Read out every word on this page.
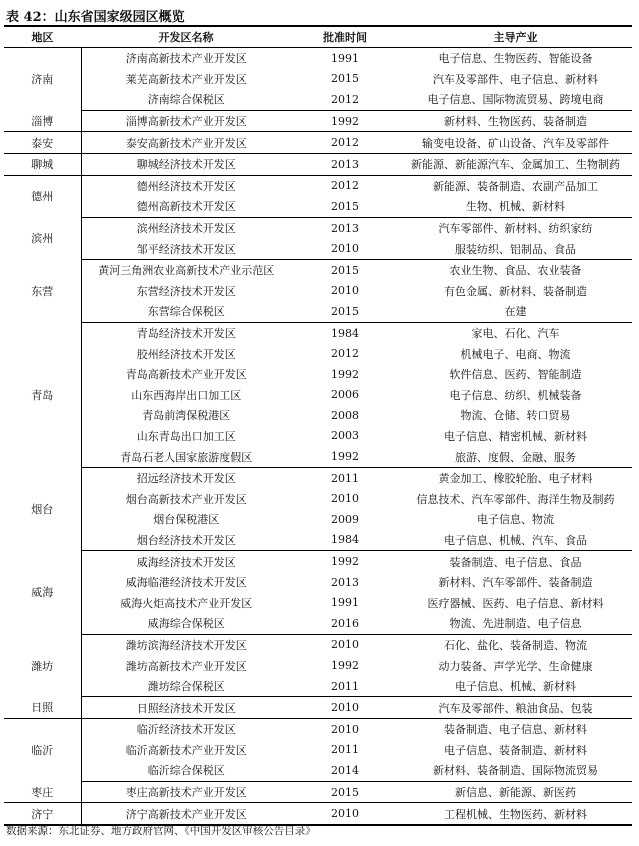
表 42：山东省国家级园区概览
地区	开发区名称	批准时间	主导产业
济南	济南高新技术产业开发区	1991	电子信息、生物医药、智能设备
	莱芜高新技术产业开发区	2015	汽车及零部件、电子信息、新材料
	济南综合保税区	2012	电子信息、国际物流贸易、跨境电商
淄博	淄博高新技术产业开发区	1992	新材料、生物医药、装备制造
泰安	泰安高新技术产业开发区	2012	输变电设备、矿山设备、汽车及零部件
聊城	聊城经济技术开发区	2013	新能源、新能源汽车、金属加工、生物制药
德州	德州经济技术开发区	2012	新能源、装备制造、农副产品加工
	德州高新技术开发区	2015	生物、机械、新材料
滨州	滨州经济技术开发区	2013	汽车零部件、新材料、纺织家纺
	邹平经济技术开发区	2010	服装纺织、铝制品、食品
东营	黄河三角洲农业高新技术产业示范区	2015	农业生物、食品、农业装备
	东营经济技术开发区	2010	有色金属、新材料、装备制造
	东营综合保税区	2015	在建
青岛	青岛经济技术开发区	1984	家电、石化、汽车
	胶州经济技术开发区	2012	机械电子、电商、物流
	青岛高新技术产业开发区	1992	软件信息、医药、智能制造
	山东西海岸出口加工区	2006	电子信息、纺织、机械装备
	青岛前湾保税港区	2008	物流、仓储、转口贸易
	山东青岛出口加工区	2003	电子信息、精密机械、新材料
	青岛石老人国家旅游度假区	1992	旅游、度假、金融、服务
烟台	招远经济技术开发区	2011	黄金加工、橡胶轮胎、电子材料
	烟台高新技术产业开发区	2010	信息技术、汽车零部件、海洋生物及制药
	烟台保税港区	2009	电子信息、物流
	烟台经济技术开发区	1984	电子信息、机械、汽车、食品
威海	威海经济技术开发区	1992	装备制造、电子信息、食品
	威海临港经济技术开发区	2013	新材料、汽车零部件、装备制造
	威海火炬高技术产业开发区	1991	医疗器械、医药、电子信息、新材料
	威海综合保税区	2016	物流、先进制造、电子信息
潍坊	潍坊滨海经济技术开发区	2010	石化、盐化、装备制造、物流
	潍坊高新技术产业开发区	1992	动力装备、声学光学、生命健康
	潍坊综合保税区	2011	电子信息、机械、新材料
日照	日照经济技术开发区	2010	汽车及零部件、粮油食品、包装
临沂	临沂经济技术开发区	2010	装备制造、电子信息、新材料
	临沂高新技术产业开发区	2011	电子信息、装备制造、新材料
	临沂综合保税区	2014	新材料、装备制造、国际物流贸易
枣庄	枣庄高新技术产业开发区	2015	新信息、新能源、新医药
济宁	济宁高新技术产业开发区	2010	工程机械、生物医药、新材料
数据来源：东北证券、地方政府官网、《中国开发区审核公告目录》
